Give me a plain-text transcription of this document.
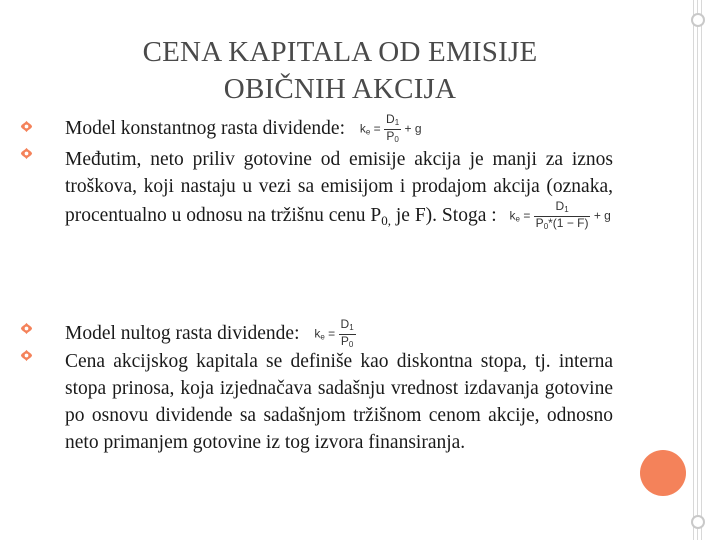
CENA KAPITALA OD EMISIJE
OBIČNIH AKCIJA
Model konstantnog rasta dividende: $k_e = \frac{D_1}{P_0} + g$
Međutim, neto priliv gotovine od emisije akcija je manji za iznos troškova, koji nastaju u vezi sa emisijom i prodajom akcija (oznaka, procentualno u odnosu na tržišnu cenu $P_{0,}$ je F). Stoga : $k_e = \frac{D_1}{P_0*(1 - F)} + g$
Model nultog rasta dividende: $k_e = \frac{D_1}{P_0}$
Cena akcijskog kapitala se definiše kao diskontna stopa, tj. interna stopa prinosa, koja izjednačava sadašnju vrednost izdavanja gotovine po osnovu dividende sa sadašnjom tržišnom cenom akcije, odnosno neto primanjem gotovine iz tog izvora finansiranja.
